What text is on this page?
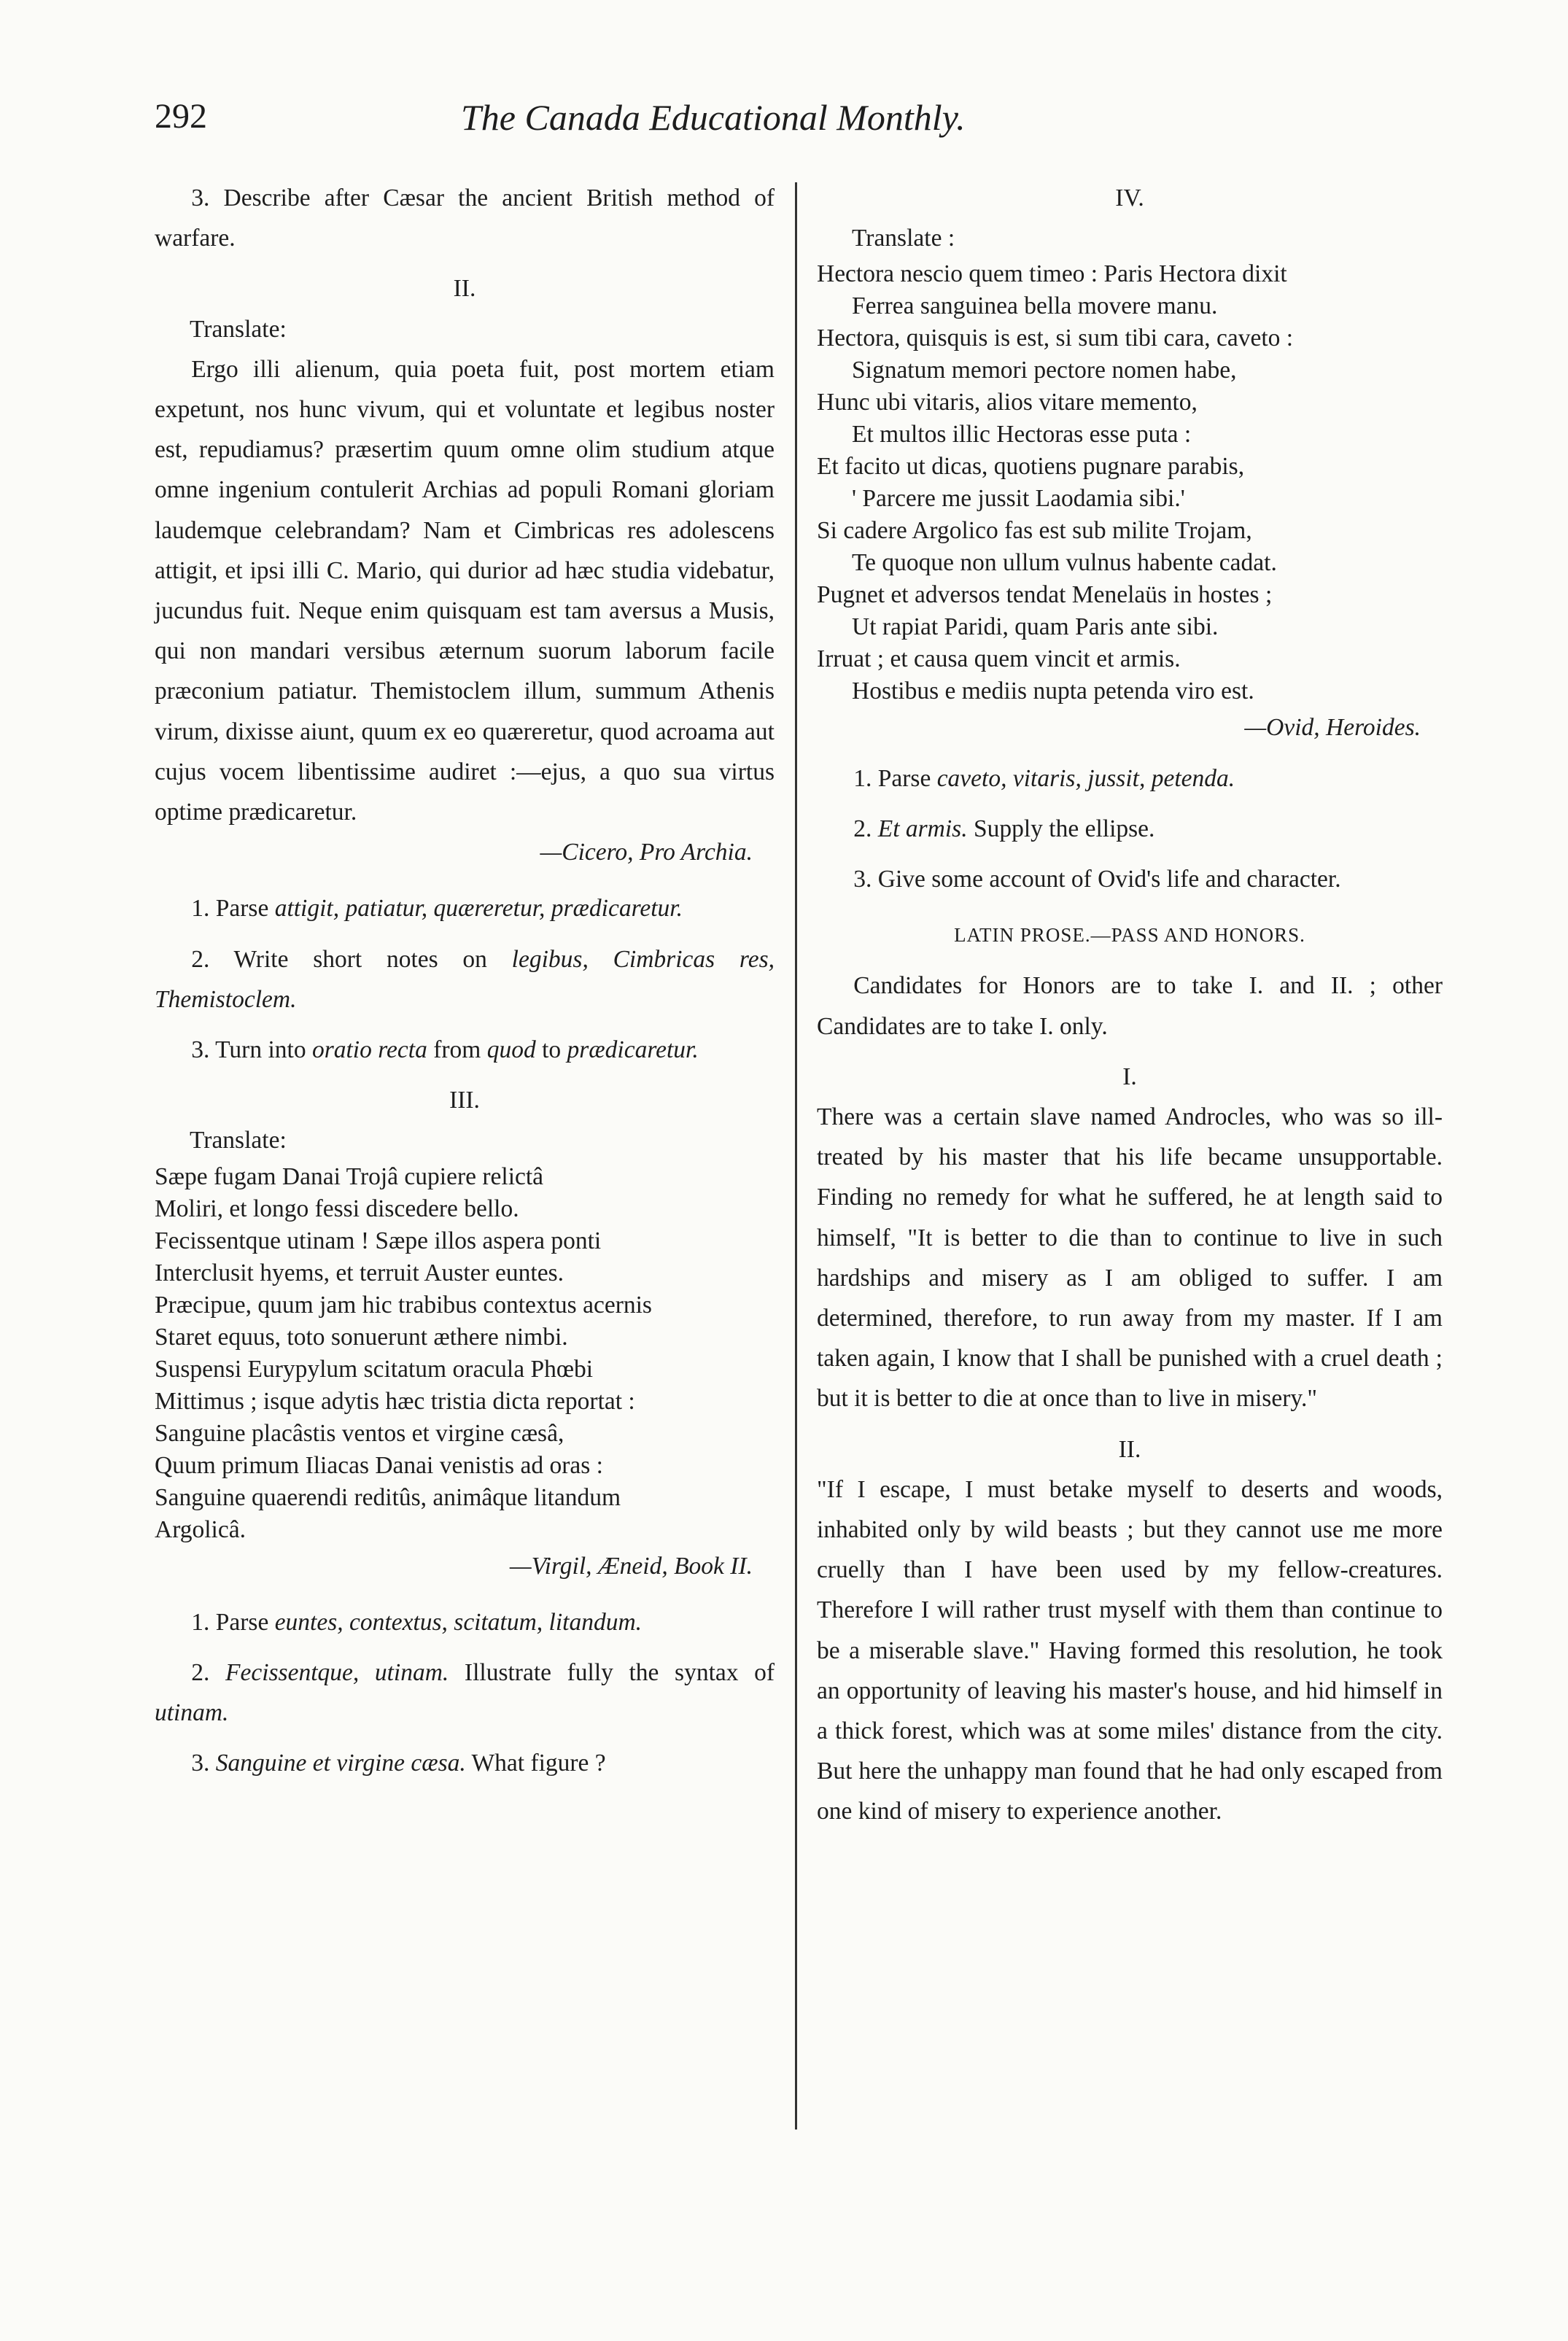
292	The Canada Educational Monthly.

3. Describe after Cæsar the ancient British method of warfare.

II.

Translate:

Ergo illi alienum, quia poeta fuit, post mortem etiam expetunt, nos hunc vivum, qui et voluntate et legibus noster est, repudiamus? præsertim quum omne olim studium atque omne ingenium contulerit Archias ad populi Romani gloriam laudemque celebrandam? Nam et Cimbricas res adolescens attigit, et ipsi illi C. Mario, qui durior ad hæc studia videbatur, jucundus fuit. Neque enim quisquam est tam aversus a Musis, qui non mandari versibus æternum suorum laborum facile præconium patiatur. Themistoclem illum, summum Athenis virum, dixisse aiunt, quum ex eo quæreretur, quod acroama aut cujus vocem libentissime audiret :—ejus, a quo sua virtus optime prædicaretur.

—Cicero, Pro Archia.

1. Parse attigit, patiatur, quæreretur, prædicaretur.

2. Write short notes on legibus, Cimbricas res, Themistoclem.

3. Turn into oratio recta from quod to prædicaretur.

III.

Translate:

Sæpe fugam Danai Trojâ cupiere relictâ

Moliri, et longo fessi discedere bello.

Fecissentque utinam ! Sæpe illos aspera ponti

Interclusit hyems, et terruit Auster euntes.

Præcipue, quum jam hic trabibus contextus acernis

Staret equus, toto sonuerunt æthere nimbi.

Suspensi Eurypylum scitatum oracula Phœbi

Mittimus ; isque adytis hæc tristia dicta reportat :

Sanguine placâstis ventos et virgine cæsâ,

Quum primum Iliacas Danai venistis ad oras :

Sanguine quaerendi reditûs, animâque litandum

Argolicâ.

—Virgil, Æneid, Book II.

1. Parse euntes, contextus, scitatum, litandum.

2. Fecissentque, utinam. Illustrate fully the syntax of utinam.

3. Sanguine et virgine cæsa. What figure ?

IV.

Translate :

Hectora nescio quem timeo : Paris Hectora dixit

Ferrea sanguinea bella movere manu.

Hectora, quisquis is est, si sum tibi cara, caveto :

Signatum memori pectore nomen habe,

Hunc ubi vitaris, alios vitare memento,

Et multos illic Hectoras esse puta :

Et facito ut dicas, quotiens pugnare parabis,

' Parcere me jussit Laodamia sibi.'

Si cadere Argolico fas est sub milite Trojam,

Te quoque non ullum vulnus habente cadat.

Pugnet et adversos tendat Menelaüs in hostes ;

Ut rapiat Paridi, quam Paris ante sibi.

Irruat ; et causa quem vincit et armis.

Hostibus e mediis nupta petenda viro est.

—Ovid, Heroides.

1. Parse caveto, vitaris, jussit, petenda.

2. Et armis. Supply the ellipse.

3. Give some account of Ovid's life and character.

LATIN PROSE.—PASS AND HONORS.

Candidates for Honors are to take I. and II. ; other Candidates are to take I. only.

I.

There was a certain slave named Androcles, who was so ill-treated by his master that his life became unsupportable. Finding no remedy for what he suffered, he at length said to himself, "It is better to die than to continue to live in such hardships and misery as I am obliged to suffer. I am determined, therefore, to run away from my master. If I am taken again, I know that I shall be punished with a cruel death ; but it is better to die at once than to live in misery."

II.

"If I escape, I must betake myself to deserts and woods, inhabited only by wild beasts ; but they cannot use me more cruelly than I have been used by my fellow-creatures. Therefore I will rather trust myself with them than continue to be a miserable slave." Having formed this resolution, he took an opportunity of leaving his master's house, and hid himself in a thick forest, which was at some miles' distance from the city. But here the unhappy man found that he had only escaped from one kind of misery to experience another.
